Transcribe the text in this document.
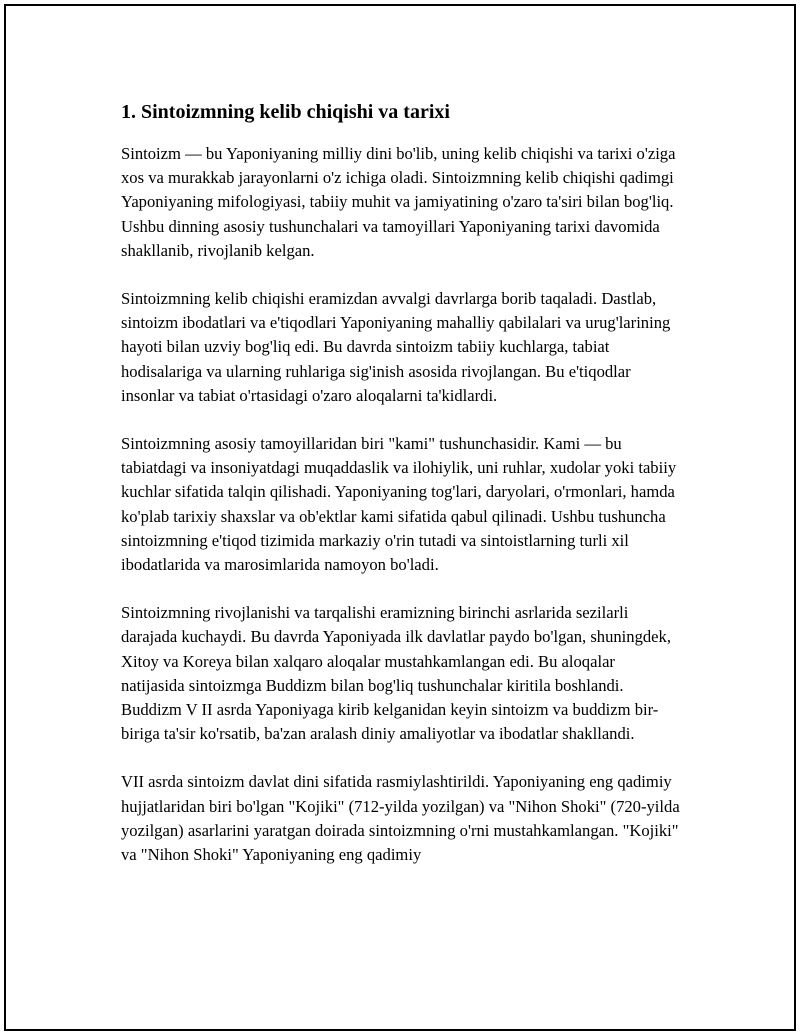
1. Sintoizmning kelib chiqishi va tarixi

Sintoizm — bu Yaponiyaning milliy dini bo'lib, uning kelib chiqishi va tarixi o'ziga xos va murakkab jarayonlarni o'z ichiga oladi. Sintoizmning kelib chiqishi qadimgi Yaponiyaning mifologiyasi, tabiiy muhit va jamiyatining o'zaro ta'siri bilan bog'liq. Ushbu dinning asosiy tushunchalari va tamoyillari Yaponiyaning tarixi davomida shakllanib, rivojlanib kelgan.

Sintoizmning kelib chiqishi eramizdan avvalgi davrlarga borib taqaladi. Dastlab, sintoizm ibodatlari va e'tiqodlari Yaponiyaning mahalliy qabilalari va urug'larining hayoti bilan uzviy bog'liq edi. Bu davrda sintoizm tabiiy kuchlarga, tabiat hodisalariga va ularning ruhlariga sig'inish asosida rivojlangan. Bu e'tiqodlar insonlar va tabiat o'rtasidagi o'zaro aloqalarni ta'kidlardi.

Sintoizmning asosiy tamoyillaridan biri "kami" tushunchasidir. Kami — bu tabiatdagi va insoniyatdagi muqaddaslik va ilohiylik, uni ruhlar, xudolar yoki tabiiy kuchlar sifatida talqin qilishadi. Yaponiyaning tog'lari, daryolari, o'rmonlari, hamda ko'plab tarixiy shaxslar va ob'ektlar kami sifatida qabul qilinadi. Ushbu tushuncha sintoizmning e'tiqod tizimida markaziy o'rin tutadi va sintoistlarning turli xil ibodatlarida va marosimlarida namoyon bo'ladi.

Sintoizmning rivojlanishi va tarqalishi eramizning birinchi asrlarida sezilarli darajada kuchaydi. Bu davrda Yaponiyada ilk davlatlar paydo bo'lgan, shuningdek, Xitoy va Koreya bilan xalqaro aloqalar mustahkamlangan edi. Bu aloqalar natijasida sintoizmga Buddizm bilan bog'liq tushunchalar kiritila boshlandi. Buddizm V II asrda Yaponiyaga kirib kelganidan keyin sintoizm va buddizm bir-biriga ta'sir ko'rsatib, ba'zan aralash diniy amaliyotlar va ibodatlar shakllandi.

VII asrda sintoizm davlat dini sifatida rasmiylashtirildi. Yaponiyaning eng qadimiy hujjatlaridan biri bo'lgan "Kojiki" (712-yilda yozilgan) va "Nihon Shoki" (720-yilda yozilgan) asarlarini yaratgan doirada sintoizmning o'rni mustahkamlangan. "Kojiki" va "Nihon Shoki" Yaponiyaning eng qadimiy
